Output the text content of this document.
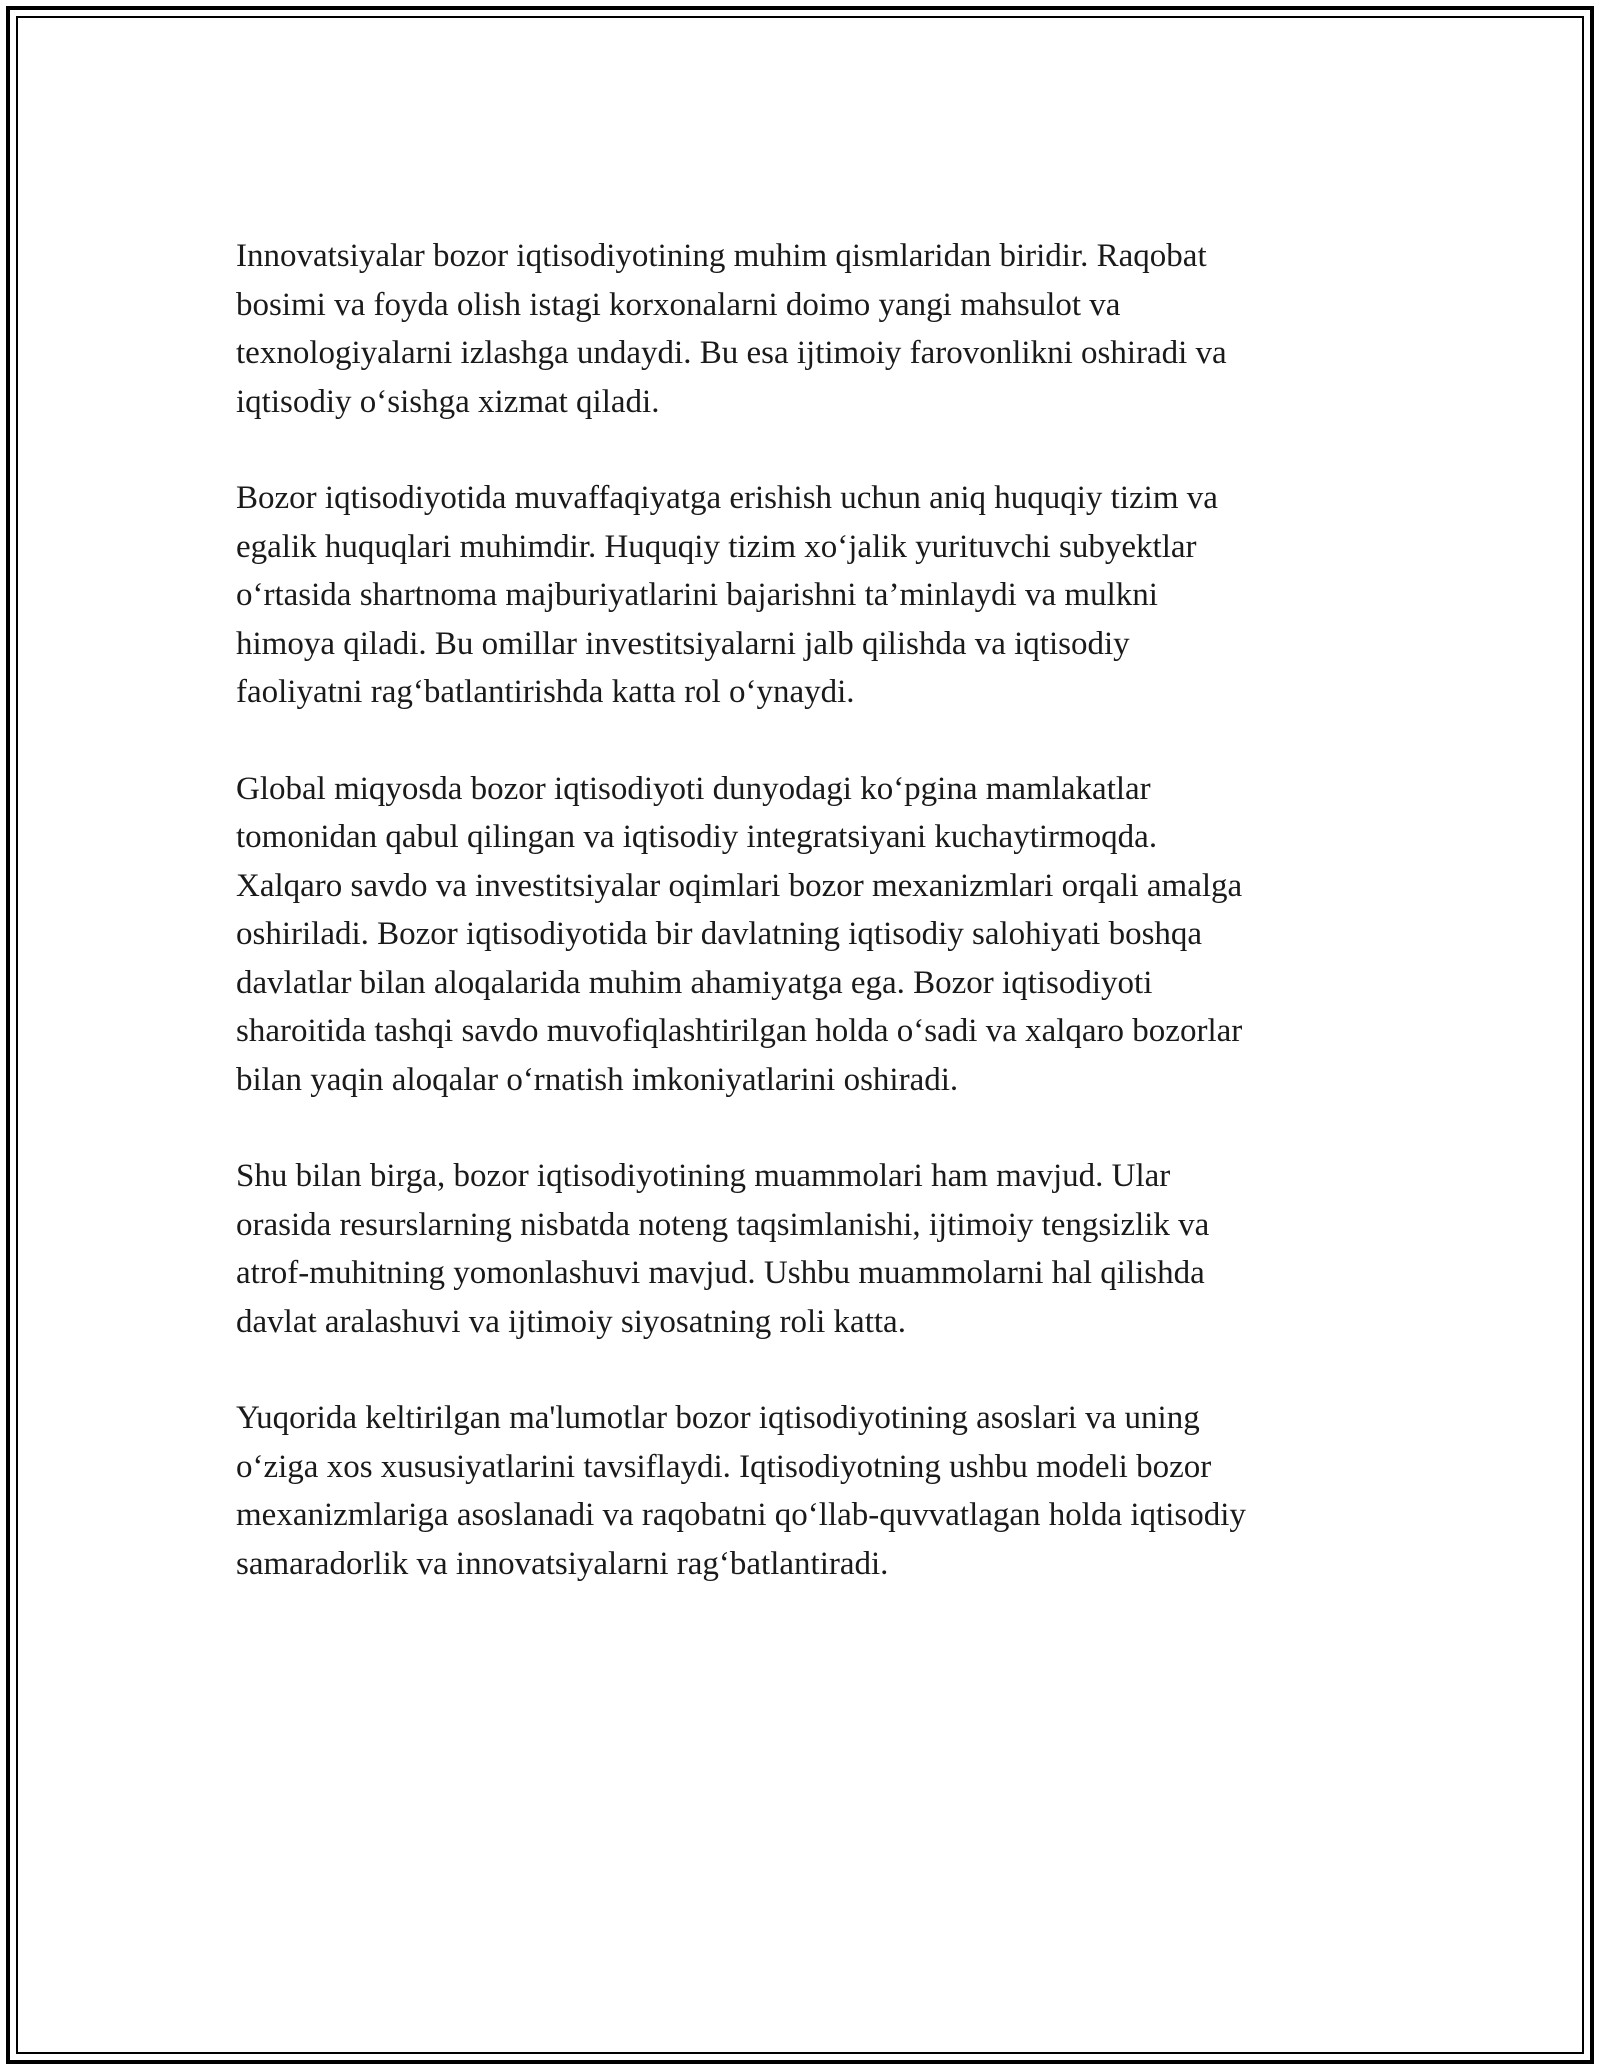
Innovatsiyalar bozor iqtisodiyotining muhim qismlaridan biridir. Raqobat
bosimi va foyda olish istagi korxonalarni doimo yangi mahsulot va
texnologiyalarni izlashga undaydi. Bu esa ijtimoiy farovonlikni oshiradi va
iqtisodiy o‘sishga xizmat qiladi.

Bozor iqtisodiyotida muvaffaqiyatga erishish uchun aniq huquqiy tizim va
egalik huquqlari muhimdir. Huquqiy tizim xo‘jalik yurituvchi subyektlar
o‘rtasida shartnoma majburiyatlarini bajarishni ta’minlaydi va mulkni
himoya qiladi. Bu omillar investitsiyalarni jalb qilishda va iqtisodiy
faoliyatni rag‘batlantirishda katta rol o‘ynaydi.

Global miqyosda bozor iqtisodiyoti dunyodagi ko‘pgina mamlakatlar
tomonidan qabul qilingan va iqtisodiy integratsiyani kuchaytirmoqda.
Xalqaro savdo va investitsiyalar oqimlari bozor mexanizmlari orqali amalga
oshiriladi. Bozor iqtisodiyotida bir davlatning iqtisodiy salohiyati boshqa
davlatlar bilan aloqalarida muhim ahamiyatga ega. Bozor iqtisodiyoti
sharoitida tashqi savdo muvofiqlashtirilgan holda o‘sadi va xalqaro bozorlar
bilan yaqin aloqalar o‘rnatish imkoniyatlarini oshiradi.

Shu bilan birga, bozor iqtisodiyotining muammolari ham mavjud. Ular
orasida resurslarning nisbatda noteng taqsimlanishi, ijtimoiy tengsizlik va
atrof-muhitning yomonlashuvi mavjud. Ushbu muammolarni hal qilishda
davlat aralashuvi va ijtimoiy siyosatning roli katta.

Yuqorida keltirilgan ma'lumotlar bozor iqtisodiyotining asoslari va uning
o‘ziga xos xususiyatlarini tavsiflaydi. Iqtisodiyotning ushbu modeli bozor
mexanizmlariga asoslanadi va raqobatni qo‘llab-quvvatlagan holda iqtisodiy
samaradorlik va innovatsiyalarni rag‘batlantiradi.
